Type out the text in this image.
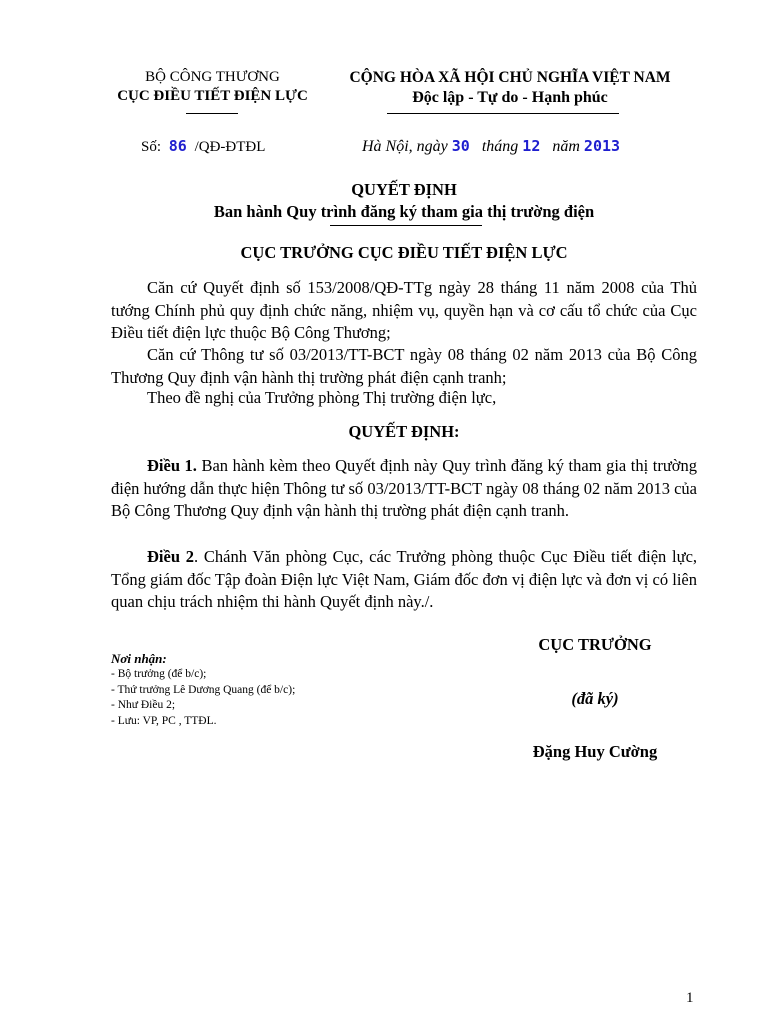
BỘ CÔNG THƯƠNG
CỤC ĐIỀU TIẾT ĐIỆN LỰC
CỘNG HÒA XÃ HỘI CHỦ NGHĨA VIỆT NAM
Độc lập - Tự do - Hạnh phúc
Số: 86 /QĐ-ĐTĐL	Hà Nội, ngày 30 tháng 12 năm 2013
QUYẾT ĐỊNH
Ban hành Quy trình đăng ký tham gia thị trường điện
CỤC TRƯỞNG CỤC ĐIỀU TIẾT ĐIỆN LỰC
Căn cứ Quyết định số 153/2008/QĐ-TTg ngày 28 tháng 11 năm 2008 của Thủ tướng Chính phủ quy định chức năng, nhiệm vụ, quyền hạn và cơ cấu tổ chức của Cục Điều tiết điện lực thuộc Bộ Công Thương;
Căn cứ Thông tư số 03/2013/TT-BCT ngày 08 tháng 02 năm 2013 của Bộ Công Thương Quy định vận hành thị trường phát điện cạnh tranh;
Theo đề nghị của Trưởng phòng Thị trường điện lực,
QUYẾT ĐỊNH:
Điều 1. Ban hành kèm theo Quyết định này Quy trình đăng ký tham gia thị trường điện hướng dẫn thực hiện Thông tư số 03/2013/TT-BCT ngày 08 tháng 02 năm 2013 của Bộ Công Thương Quy định vận hành thị trường phát điện cạnh tranh.
Điều 2. Chánh Văn phòng Cục, các Trưởng phòng thuộc Cục Điều tiết điện lực, Tổng giám đốc Tập đoàn Điện lực Việt Nam, Giám đốc đơn vị điện lực và đơn vị có liên quan chịu trách nhiệm thi hành Quyết định này./.
Nơi nhận:
- Bộ trưởng (để b/c);
- Thứ trưởng Lê Dương Quang (để b/c);
- Như Điều 2;
- Lưu: VP, PC , TTĐL.
CỤC TRƯỞNG
(đã ký)
Đặng Huy Cường
1
